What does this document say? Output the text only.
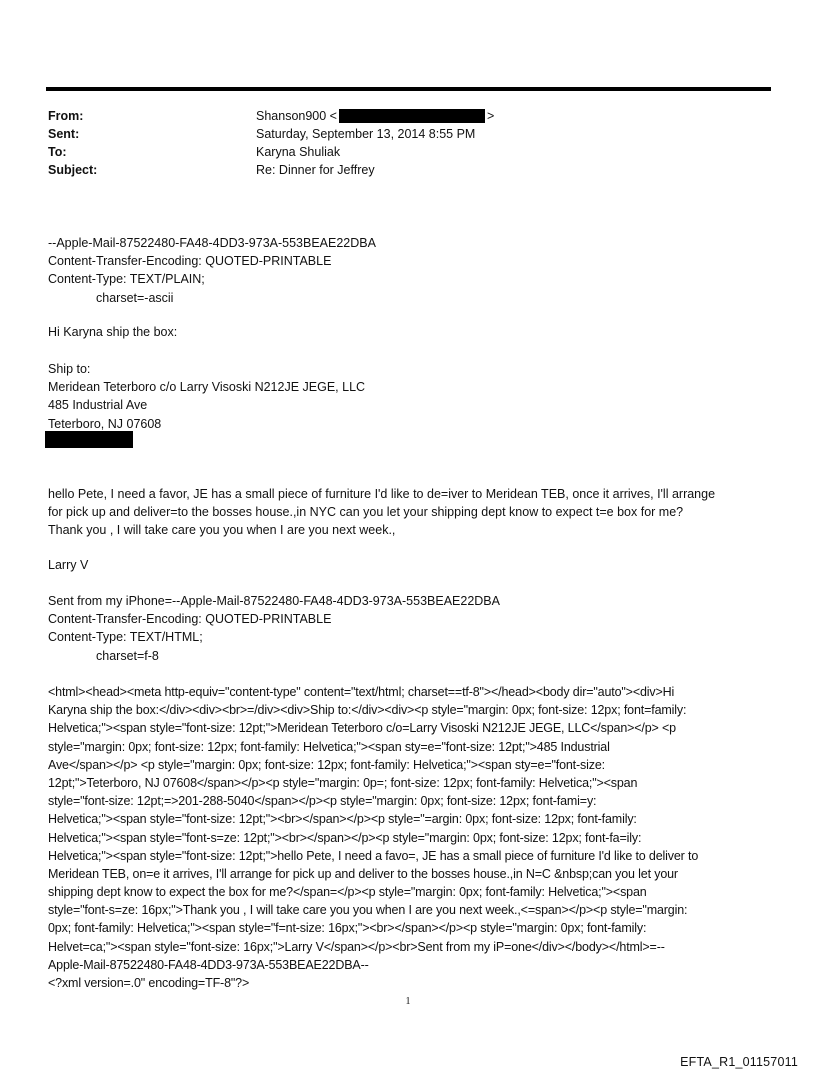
From:	Shanson900 <	>
Sent:	Saturday, September 13, 2014 8:55 PM
To:	Karyna Shuliak
Subject:	Re: Dinner for Jeffrey
--Apple-Mail-87522480-FA48-4DD3-973A-553BEAE22DBA
Content-Transfer-Encoding: QUOTED-PRINTABLE
Content-Type: TEXT/PLAIN;
charset=-ascii
Hi Karyna ship the box:
Ship to:
Meridean Teterboro c/o Larry Visoski N212JE JEGE, LLC
485 Industrial Ave
Teterboro, NJ 07608
hello Pete, I need a favor, JE has a small piece of furniture I'd like to de=iver to Meridean TEB, once it arrives, I'll arrange
for pick up and deliver=to the bosses house.,in NYC can you let your shipping dept know to expect t=e box for me?
Thank you , I will take care you you when I are you next week.,
Larry V
Sent from my iPhone=--Apple-Mail-87522480-FA48-4DD3-973A-553BEAE22DBA
Content-Transfer-Encoding: QUOTED-PRINTABLE
Content-Type: TEXT/HTML;
charset=f-8
<html><head><meta http-equiv="content-type" content="text/html; charset==tf-8"></head><body dir="auto"><div>Hi
Karyna ship the box:</div><div><br>=/div><div>Ship to:</div><div><p style="margin: 0px; font-size: 12px; font=family:
Helvetica;"><span style="font-size: 12pt;">Meridean Teterboro c/o=Larry Visoski N212JE JEGE, LLC</span></p> <p
style="margin: 0px; font-size: 12px; font-family: Helvetica;"><span sty=e="font-size: 12pt;">485 Industrial
Ave</span></p> <p style="margin: 0px; font-size: 12px; font-family: Helvetica;"><span sty=e="font-size:
12pt;">Teterboro, NJ 07608</span></p><p style="margin: 0p=; font-size: 12px; font-family: Helvetica;"><span
style="font-size: 12pt;=>201-288-5040</span></p><p style="margin: 0px; font-size: 12px; font-fami=y:
Helvetica;"><span style="font-size: 12pt;"><br></span></p><p style="=argin: 0px; font-size: 12px; font-family:
Helvetica;"><span style="font-s=ze: 12pt;"><br></span></p><p style="margin: 0px; font-size: 12px; font-fa=ily:
Helvetica;"><span style="font-size: 12pt;">hello Pete, I need a favo=, JE has a small piece of furniture I'd like to deliver to
Meridean TEB, on=e it arrives, I'll arrange for pick up and deliver to the bosses house.,in N=C &nbsp;can you let your
shipping dept know to expect the box for me?</span=</p><p style="margin: 0px; font-family: Helvetica;"><span
style="font-s=ze: 16px;">Thank you , I will take care you you when I are you next week.,<=span></p><p style="margin:
0px; font-family: Helvetica;"><span style="f=nt-size: 16px;"><br></span></p><p style="margin: 0px; font-family:
Helvet=ca;"><span style="font-size: 16px;">Larry V</span></p><br>Sent from my iP=one</div></body></html>=--
Apple-Mail-87522480-FA48-4DD3-973A-553BEAE22DBA--
<?xml version=.0" encoding=TF-8"?>
1
EFTA_R1_01157011
